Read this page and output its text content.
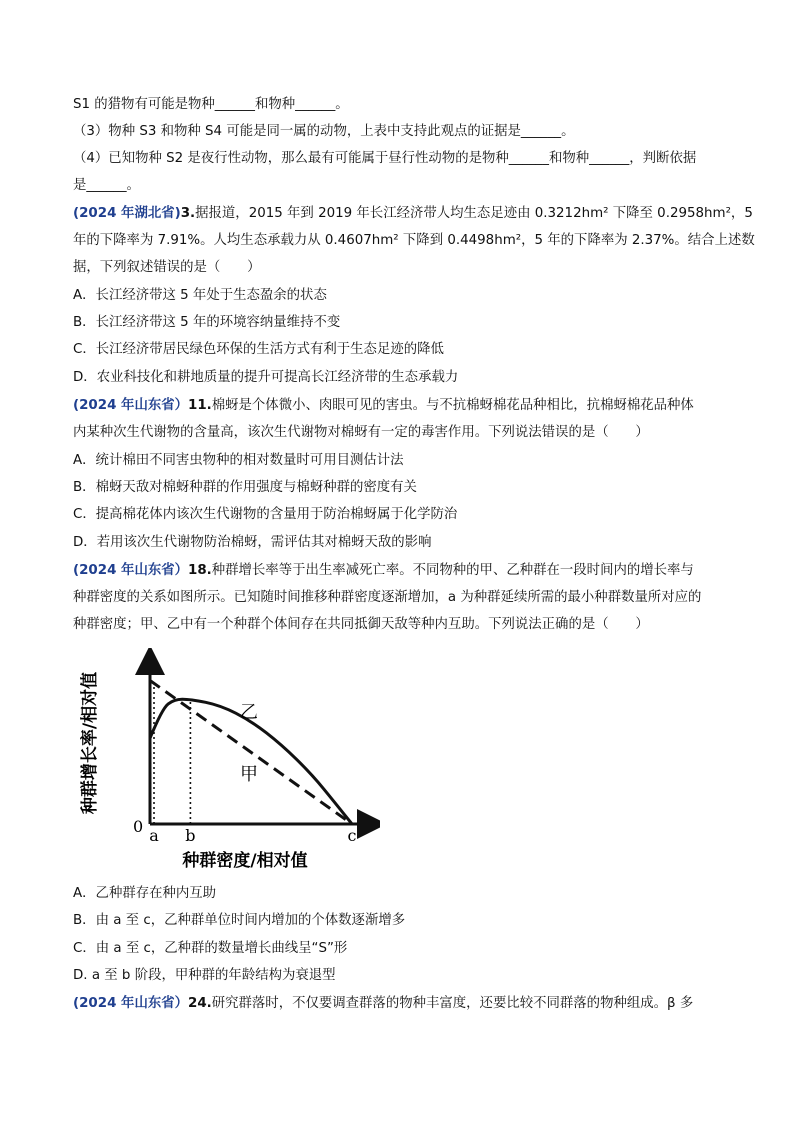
S1 的猎物有可能是物种______和物种______。
（3）物种 S3 和物种 S4 可能是同一属的动物，上表中支持此观点的证据是______。
（4）已知物种 S2 是夜行性动物，那么最有可能属于昼行性动物的是物种______和物种______，判断依据
是______。
(2024 年湖北省)3.据报道，2015 年到 2019 年长江经济带人均生态足迹由 0.3212hm² 下降至 0.2958hm²，5
年的下降率为 7.91%。人均生态承载力从 0.4607hm² 下降到 0.4498hm²，5 年的下降率为 2.37%。结合上述数
据，下列叙述错误的是（　　）
A．长江经济带这 5 年处于生态盈余的状态
B．长江经济带这 5 年的环境容纳量维持不变
C．长江经济带居民绿色环保的生活方式有利于生态足迹的降低
D．农业科技化和耕地质量的提升可提高长江经济带的生态承载力
(2024 年山东省）11.棉蚜是个体微小、肉眼可见的害虫。与不抗棉蚜棉花品种相比，抗棉蚜棉花品种体
内某种次生代谢物的含量高，该次生代谢物对棉蚜有一定的毒害作用。下列说法错误的是（　　）
A．统计棉田不同害虫物种的相对数量时可用目测估计法
B．棉蚜天敌对棉蚜种群的作用强度与棉蚜种群的密度有关
C．提高棉花体内该次生代谢物的含量用于防治棉蚜属于化学防治
D．若用该次生代谢物防治棉蚜，需评估其对棉蚜天敌的影响
(2024 年山东省）18.种群增长率等于出生率减死亡率。不同物种的甲、乙种群在一段时间内的增长率与
种群密度的关系如图所示。已知随时间推移种群密度逐渐增加，a 为种群延续所需的最小种群数量所对应的
种群密度；甲、乙中有一个种群个体间存在共同抵御天敌等种内互助。下列说法正确的是（　　）
乙
甲
0 a b	c
种群密度/相对值
种群增长率/相对值
A．乙种群存在种内互助
B．由 a 至 c，乙种群单位时间内增加的个体数逐渐增多
C．由 a 至 c，乙种群的数量增长曲线呈“S”形
D. a 至 b 阶段，甲种群的年龄结构为衰退型
(2024 年山东省）24.研究群落时，不仅要调查群落的物种丰富度，还要比较不同群落的物种组成。β 多
